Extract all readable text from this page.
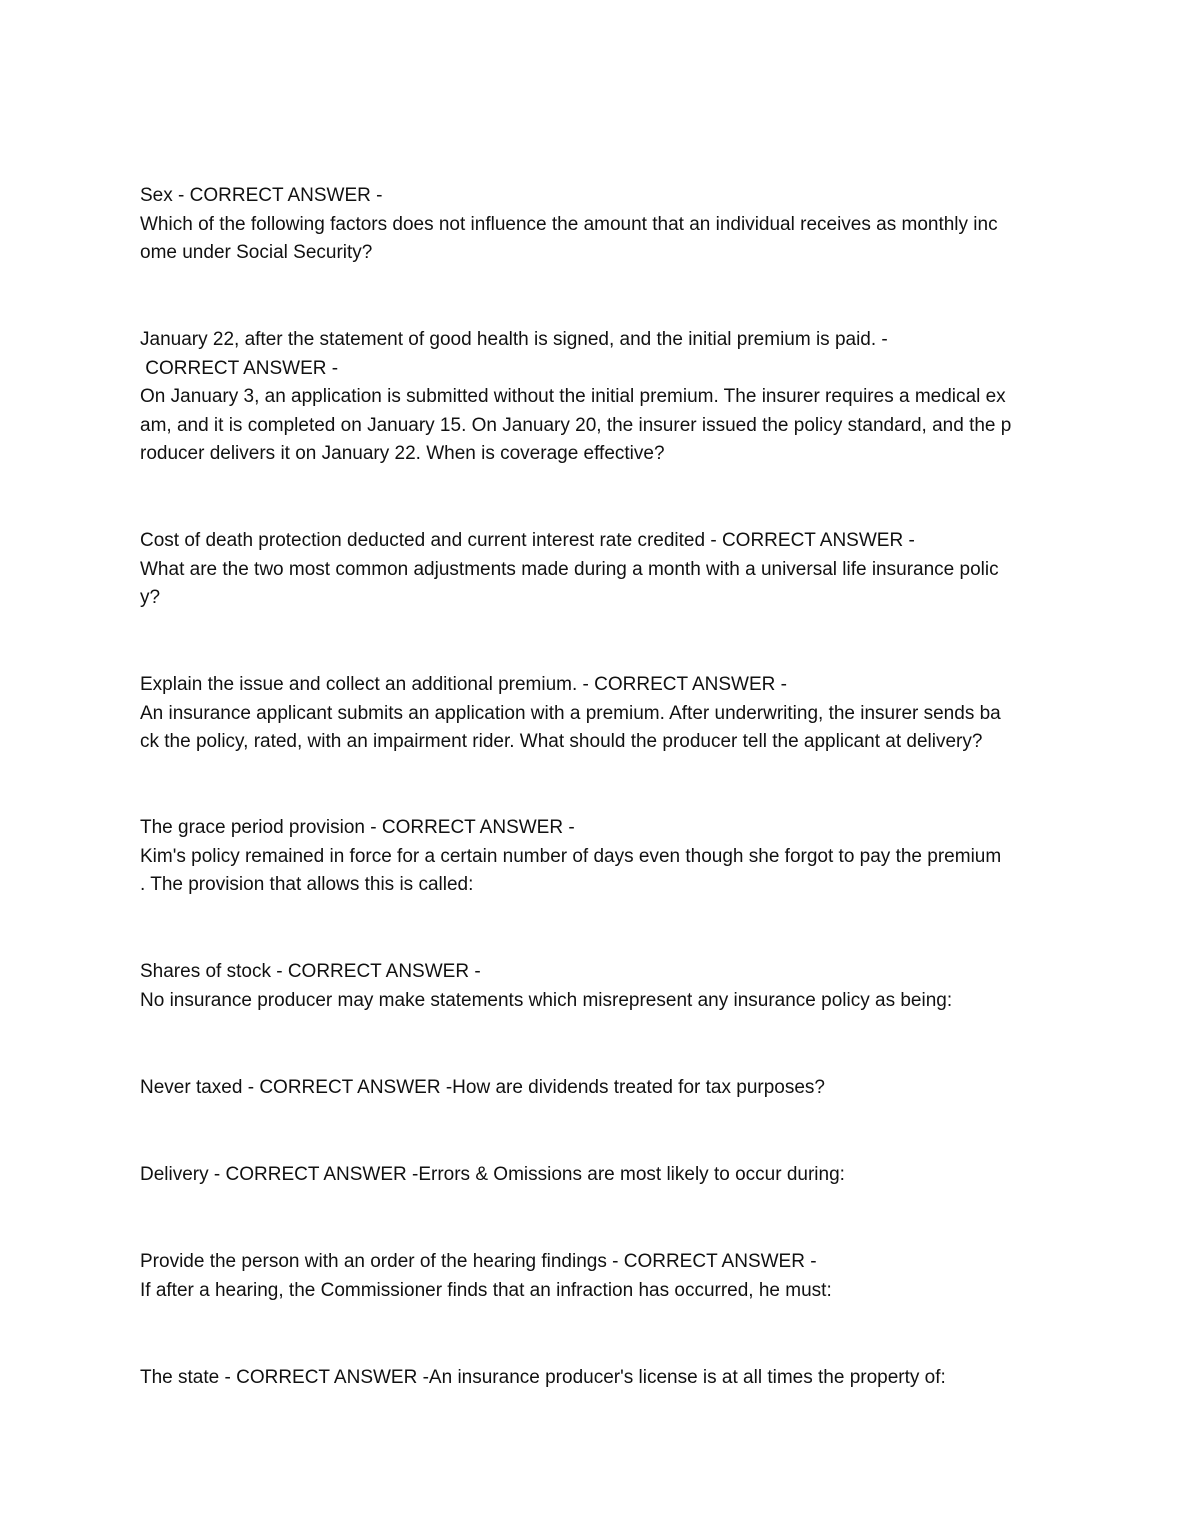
Sex - CORRECT ANSWER -
Which of the following factors does not influence the amount that an individual receives as monthly inc
ome under Social Security?
January 22, after the statement of good health is signed, and the initial premium is paid. -
CORRECT ANSWER -
On January 3, an application is submitted without the initial premium. The insurer requires a medical ex
am, and it is completed on January 15. On January 20, the insurer issued the policy standard, and the p
roducer delivers it on January 22. When is coverage effective?
Cost of death protection deducted and current interest rate credited - CORRECT ANSWER -
What are the two most common adjustments made during a month with a universal life insurance polic
y?
Explain the issue and collect an additional premium. - CORRECT ANSWER -
An insurance applicant submits an application with a premium. After underwriting, the insurer sends ba
ck the policy, rated, with an impairment rider. What should the producer tell the applicant at delivery?
The grace period provision - CORRECT ANSWER -
Kim's policy remained in force for a certain number of days even though she forgot to pay the premium
. The provision that allows this is called:
Shares of stock - CORRECT ANSWER -
No insurance producer may make statements which misrepresent any insurance policy as being:
Never taxed - CORRECT ANSWER -How are dividends treated for tax purposes?
Delivery - CORRECT ANSWER -Errors & Omissions are most likely to occur during:
Provide the person with an order of the hearing findings - CORRECT ANSWER -
If after a hearing, the Commissioner finds that an infraction has occurred, he must:
The state - CORRECT ANSWER -An insurance producer's license is at all times the property of:
